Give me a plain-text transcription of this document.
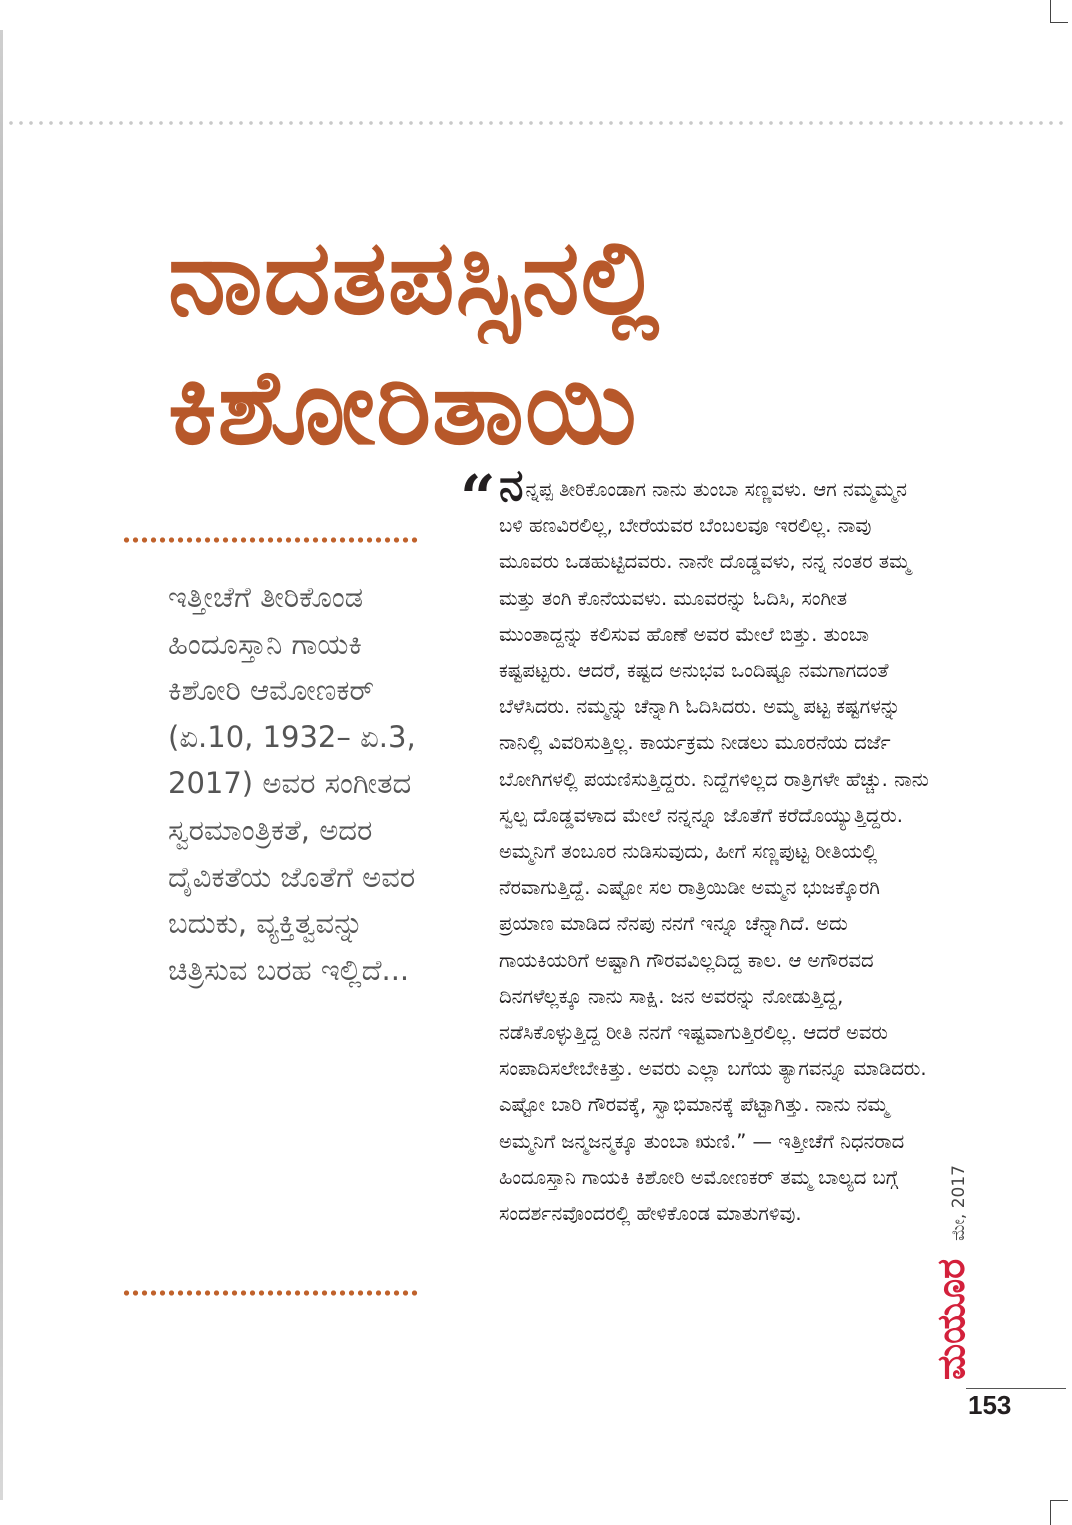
ನಾದತಪಸ್ಸಿನಲ್ಲಿ
ಕಿಶೋರಿತಾಯಿ

ಇತ್ತೀಚೆಗೆ ತೀರಿಕೊಂಡ ಹಿಂದೂಸ್ತಾನಿ ಗಾಯಕಿ ಕಿಶೋರಿ ಆಮೋಣಕರ್ (ಏ.10, 1932– ಏ.3, 2017) ಅವರ ಸಂಗೀತದ ಸ್ವರಮಾಂತ್ರಿಕತೆ, ಅದರ ದೈವಿಕತೆಯ ಜೊತೆಗೆ ಅವರ ಬದುಕು, ವ್ಯಕ್ತಿತ್ವವನ್ನು ಚಿತ್ರಿಸುವ ಬರಹ ಇಲ್ಲಿದೆ...

“ ನನ್ನಪ್ಪ ತೀರಿಕೊಂಡಾಗ ನಾನು ತುಂಬಾ ಸಣ್ಣವಳು. ಆಗ ನಮ್ಮಮ್ಮನ ಬಳಿ ಹಣವಿರಲಿಲ್ಲ, ಬೇರೆಯವರ ಬೆಂಬಲವೂ ಇರಲಿಲ್ಲ. ನಾವು ಮೂವರು ಒಡಹುಟ್ಟಿದವರು. ನಾನೇ ದೊಡ್ಡವಳು, ನನ್ನ ನಂತರ ತಮ್ಮ ಮತ್ತು ತಂಗಿ ಕೊನೆಯವಳು. ಮೂವರನ್ನು ಓದಿಸಿ, ಸಂಗೀತ ಮುಂತಾದ್ದನ್ನು ಕಲಿಸುವ ಹೊಣೆ ಅವರ ಮೇಲೆ ಬಿತ್ತು. ತುಂಬಾ ಕಷ್ಟಪಟ್ಟರು. ಆದರೆ, ಕಷ್ಟದ ಅನುಭವ ಒಂದಿಷ್ಟೂ ನಮಗಾಗದಂತೆ ಬೆಳೆಸಿದರು. ನಮ್ಮನ್ನು ಚೆನ್ನಾಗಿ ಓದಿಸಿದರು. ಅಮ್ಮ ಪಟ್ಟ ಕಷ್ಟಗಳನ್ನು ನಾನಿಲ್ಲಿ ವಿವರಿಸುತ್ತಿಲ್ಲ. ಕಾರ್ಯಕ್ರಮ ನೀಡಲು ಮೂರನೆಯ ದರ್ಜೆ ಬೋಗಿಗಳಲ್ಲಿ ಪಯಣಿಸುತ್ತಿದ್ದರು. ನಿದ್ದೆಗಳಿಲ್ಲದ ರಾತ್ರಿಗಳೇ ಹೆಚ್ಚು. ನಾನು ಸ್ವಲ್ಪ ದೊಡ್ಡವಳಾದ ಮೇಲೆ ನನ್ನನ್ನೂ ಜೊತೆಗೆ ಕರೆದೊಯ್ಯುತ್ತಿದ್ದರು. ಅಮ್ಮನಿಗೆ ತಂಬೂರ ನುಡಿಸುವುದು, ಹೀಗೆ ಸಣ್ಣಪುಟ್ಟ ರೀತಿಯಲ್ಲಿ ನೆರವಾಗುತ್ತಿದ್ದೆ. ಎಷ್ಟೋ ಸಲ ರಾತ್ರಿಯಿಡೀ ಅಮ್ಮನ ಭುಜಕ್ಕೊರಗಿ ಪ್ರಯಾಣ ಮಾಡಿದ ನೆನಪು ನನಗೆ ಇನ್ನೂ ಚೆನ್ನಾಗಿದೆ. ಅದು ಗಾಯಕಿಯರಿಗೆ ಅಷ್ಟಾಗಿ ಗೌರವವಿಲ್ಲದಿದ್ದ ಕಾಲ. ಆ ಅಗೌರವದ ದಿನಗಳೆಲ್ಲಕ್ಕೂ ನಾನು ಸಾಕ್ಷಿ. ಜನ ಅವರನ್ನು ನೋಡುತ್ತಿದ್ದ, ನಡೆಸಿಕೊಳ್ಳುತ್ತಿದ್ದ ರೀತಿ ನನಗೆ ಇಷ್ಟವಾಗುತ್ತಿರಲಿಲ್ಲ. ಆದರೆ ಅವರು ಸಂಪಾದಿಸಲೇಬೇಕಿತ್ತು. ಅವರು ಎಲ್ಲಾ ಬಗೆಯ ತ್ಯಾಗವನ್ನೂ ಮಾಡಿದರು. ಎಷ್ಟೋ ಬಾರಿ ಗೌರವಕ್ಕೆ, ಸ್ವಾಭಿಮಾನಕ್ಕೆ ಪೆಟ್ಟಾಗಿತ್ತು. ನಾನು ನಮ್ಮ ಅಮ್ಮನಿಗೆ ಜನ್ಮಜನ್ಮಕ್ಕೂ ತುಂಬಾ ಋಣಿ.” — ಇತ್ತೀಚೆಗೆ ನಿಧನರಾದ ಹಿಂದೂಸ್ತಾನಿ ಗಾಯಕಿ ಕಿಶೋರಿ ಅಮೋಣಕರ್ ತಮ್ಮ ಬಾಲ್ಯದ ಬಗ್ಗೆ ಸಂದರ್ಶನವೊಂದರಲ್ಲಿ ಹೇಳಿಕೊಂಡ ಮಾತುಗಳಿವು.

ಮಯೂರ
ಮೇ, 2017
153
